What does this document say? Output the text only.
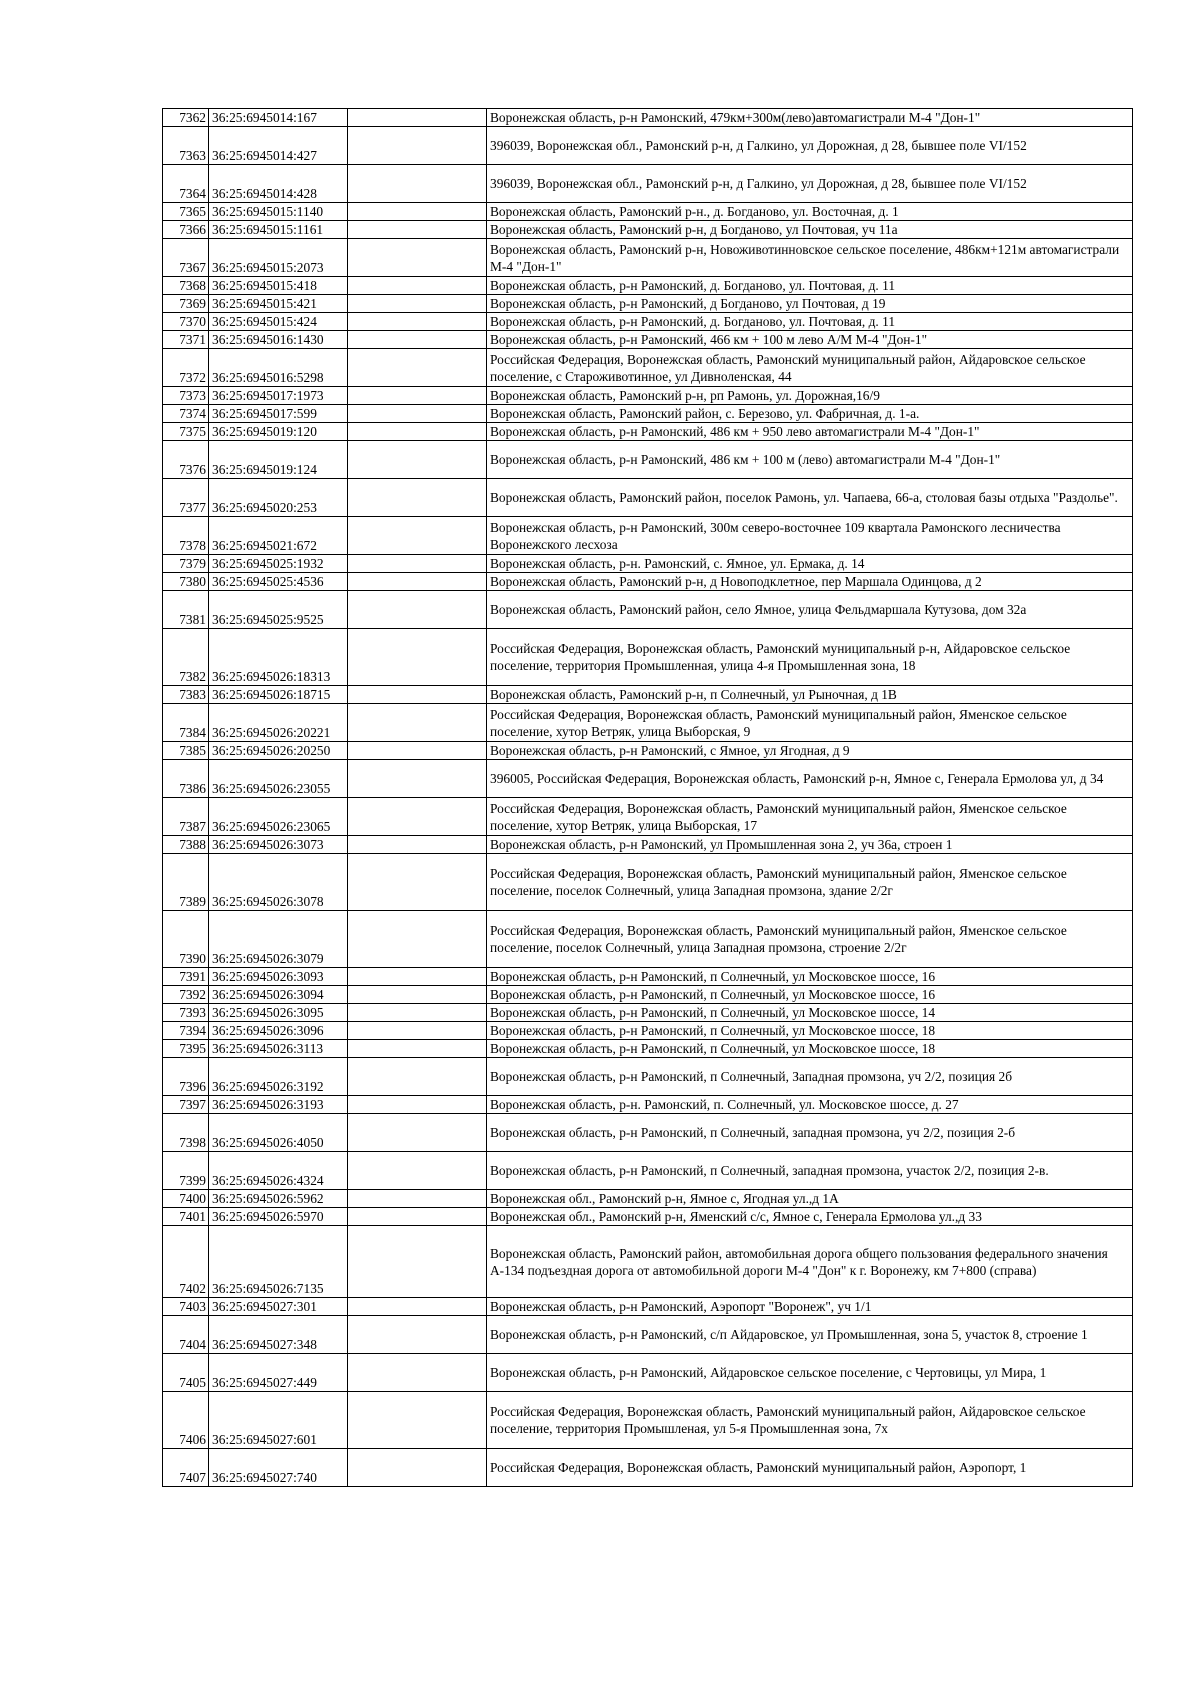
7362	36:25:6945014:167		Воронежская область, р-н Рамонский, 479км+300м(лево)автомагистрали М-4 "Дон-1"
7363	36:25:6945014:427		396039, Воронежская обл., Рамонский р-н, д Галкино, ул Дорожная, д 28, бывшее поле VI/152
7364	36:25:6945014:428		396039, Воронежская обл., Рамонский р-н, д Галкино, ул Дорожная, д 28, бывшее поле VI/152
7365	36:25:6945015:1140		Воронежская область, Рамонский р-н., д. Богданово, ул. Восточная, д. 1
7366	36:25:6945015:1161		Воронежская область, Рамонский р-н, д Богданово, ул Почтовая, уч 11а
7367	36:25:6945015:2073		Воронежская область, Рамонский р-н, Новоживотинновское сельское поселение, 486км+121м автомагистрали М-4 "Дон-1"
7368	36:25:6945015:418		Воронежская область, р-н Рамонский, д. Богданово, ул. Почтовая, д. 11
7369	36:25:6945015:421		Воронежская область, р-н Рамонский, д Богданово, ул Почтовая, д 19
7370	36:25:6945015:424		Воронежская область, р-н Рамонский, д. Богданово, ул. Почтовая, д. 11
7371	36:25:6945016:1430		Воронежская область, р-н Рамонский, 466 км + 100 м лево А/М М-4 "Дон-1"
7372	36:25:6945016:5298		Российская Федерация, Воронежская область, Рамонский муниципальный район, Айдаровское сельское поселение, с Староживотинное, ул Дивноленская, 44
7373	36:25:6945017:1973		Воронежская область, Рамонский р-н, рп Рамонь, ул. Дорожная,16/9
7374	36:25:6945017:599		Воронежская область, Рамонский район, с. Березово, ул. Фабричная, д. 1-а.
7375	36:25:6945019:120		Воронежская область, р-н Рамонский, 486 км + 950 лево автомагистрали М-4 "Дон-1"
7376	36:25:6945019:124		Воронежская область, р-н Рамонский, 486 км + 100 м (лево) автомагистрали М-4 "Дон-1"
7377	36:25:6945020:253		Воронежская область, Рамонский район, поселок Рамонь, ул. Чапаева, 66-а, столовая базы отдыха "Раздолье".
7378	36:25:6945021:672		Воронежская область, р-н Рамонский, 300м северо-восточнее 109 квартала Рамонского лесничества Воронежского лесхоза
7379	36:25:6945025:1932		Воронежская область, р-н. Рамонский, с. Ямное, ул. Ермака, д. 14
7380	36:25:6945025:4536		Воронежская область, Рамонский р-н, д Новоподклетное, пер Маршала Одинцова, д 2
7381	36:25:6945025:9525		Воронежская область, Рамонский район, село Ямное, улица Фельдмаршала Кутузова, дом 32а
7382	36:25:6945026:18313		Российская Федерация, Воронежская область, Рамонский муниципальный р-н, Айдаровское сельское поселение, территория Промышленная, улица 4-я Промышленная зона, 18
7383	36:25:6945026:18715		Воронежская область, Рамонский р-н, п Солнечный, ул Рыночная, д 1В
7384	36:25:6945026:20221		Российская Федерация, Воронежская область, Рамонский муниципальный район, Яменское сельское поселение, хутор Ветряк, улица Выборская, 9
7385	36:25:6945026:20250		Воронежская область, р-н Рамонский, с Ямное, ул Ягодная, д 9
7386	36:25:6945026:23055		396005, Российская Федерация, Воронежская область, Рамонский р-н, Ямное с, Генерала Ермолова ул, д 34
7387	36:25:6945026:23065		Российская Федерация, Воронежская область, Рамонский муниципальный район, Яменское сельское поселение, хутор Ветряк, улица Выборская, 17
7388	36:25:6945026:3073		Воронежская область, р-н Рамонский, ул Промышленная зона 2, уч 36а, строен 1
7389	36:25:6945026:3078		Российская Федерация, Воронежская область, Рамонский муниципальный район, Яменское сельское поселение, поселок Солнечный, улица Западная промзона, здание 2/2г
7390	36:25:6945026:3079		Российская Федерация, Воронежская область, Рамонский муниципальный район, Яменское сельское поселение, поселок Солнечный, улица Западная промзона, строение 2/2г
7391	36:25:6945026:3093		Воронежская область, р-н Рамонский, п Солнечный, ул Московское шоссе, 16
7392	36:25:6945026:3094		Воронежская область, р-н Рамонский, п Солнечный, ул Московское шоссе, 16
7393	36:25:6945026:3095		Воронежская область, р-н Рамонский, п Солнечный, ул Московское шоссе, 14
7394	36:25:6945026:3096		Воронежская область, р-н Рамонский, п Солнечный, ул Московское шоссе, 18
7395	36:25:6945026:3113		Воронежская область, р-н Рамонский, п Солнечный, ул Московское шоссе, 18
7396	36:25:6945026:3192		Воронежская область, р-н Рамонский, п Солнечный, Западная промзона, уч 2/2, позиция 2б
7397	36:25:6945026:3193		Воронежская область, р-н. Рамонский, п. Солнечный, ул. Московское шоссе, д. 27
7398	36:25:6945026:4050		Воронежская область, р-н Рамонский, п Солнечный, западная промзона, уч 2/2, позиция 2-б
7399	36:25:6945026:4324		Воронежская область, р-н Рамонский, п Солнечный, западная промзона, участок 2/2, позиция 2-в.
7400	36:25:6945026:5962		Воронежская обл., Рамонский р-н, Ямное с, Ягодная ул.,д 1А
7401	36:25:6945026:5970		Воронежская обл., Рамонский р-н, Яменский с/с, Ямное с, Генерала Ермолова ул.,д 33
7402	36:25:6945026:7135		Воронежская область, Рамонский район, автомобильная дорога общего пользования федерального значения А-134 подъездная дорога от автомобильной дороги М-4 "Дон" к г. Воронежу, км 7+800 (справа)
7403	36:25:6945027:301		Воронежская область, р-н Рамонский, Аэропорт "Воронеж", уч 1/1
7404	36:25:6945027:348		Воронежская область, р-н Рамонский, с/п Айдаровское, ул Промышленная, зона 5, участок 8, строение 1
7405	36:25:6945027:449		Воронежская область, р-н Рамонский, Айдаровское сельское поселение, с Чертовицы, ул Мира, 1
7406	36:25:6945027:601		Российская Федерация, Воронежская область, Рамонский муниципальный район, Айдаровское сельское поселение, территория Промышленая, ул 5-я Промышленная зона, 7х
7407	36:25:6945027:740		Российская Федерация, Воронежская область, Рамонский муниципальный район, Аэропорт, 1
